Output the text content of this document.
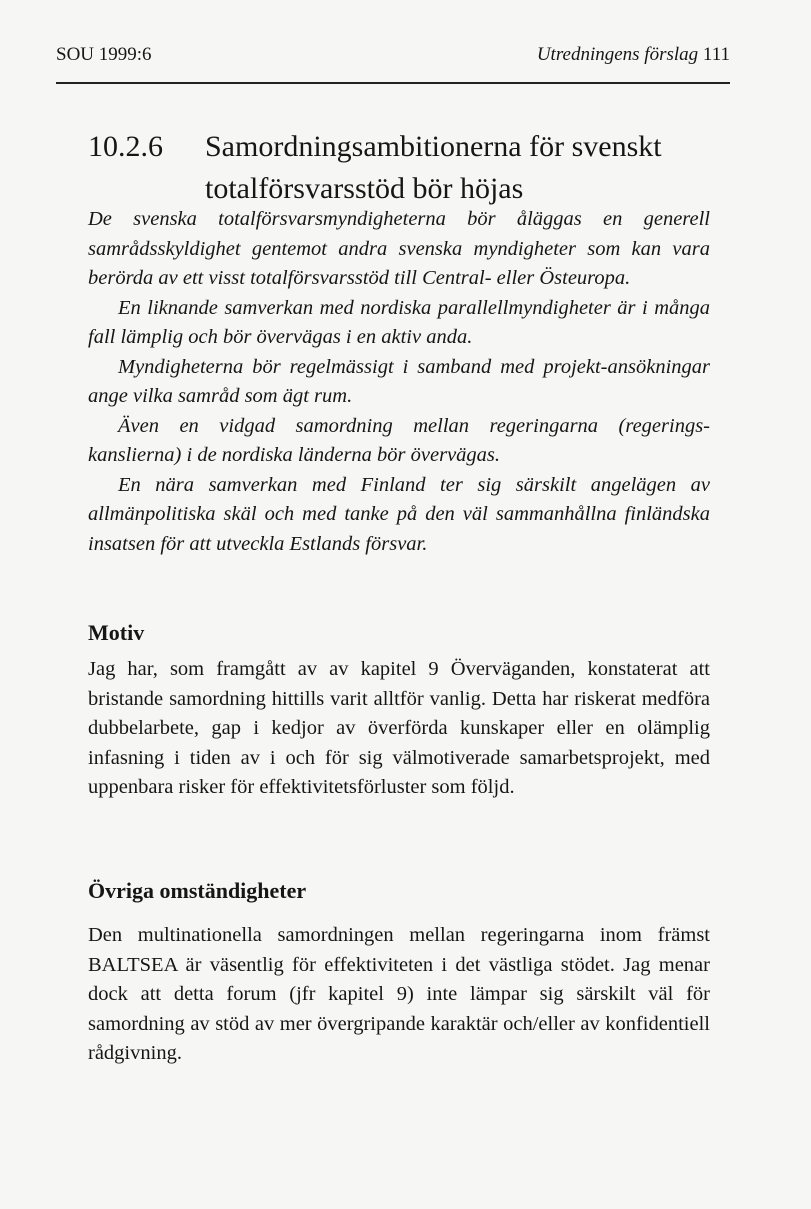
SOU 1999:6	Utredningens förslag 111
10.2.6 Samordningsambitionerna för svenskt totalförsvarsstöd bör höjas

De svenska totalförsvarsmyndigheterna bör åläggas en generell samrådsskyldighet gentemot andra svenska myndigheter som kan vara berörda av ett visst totalförsvarsstöd till Central- eller Östeuropa.

En liknande samverkan med nordiska parallellmyndigheter är i många fall lämplig och bör övervägas i en aktiv anda.

Myndigheterna bör regelmässigt i samband med projekt-ansökningar ange vilka samråd som ägt rum.

Även en vidgad samordning mellan regeringarna (regerings-kanslierna) i de nordiska länderna bör övervägas.

En nära samverkan med Finland ter sig särskilt angelägen av allmänpolitiska skäl och med tanke på den väl sammanhållna finländska insatsen för att utveckla Estlands försvar.

Motiv

Jag har, som framgått av av kapitel 9 Överväganden, konstaterat att bristande samordning hittills varit alltför vanlig. Detta har riskerat medföra dubbelarbete, gap i kedjor av överförda kunskaper eller en olämplig infasning i tiden av i och för sig välmotiverade samarbetsprojekt, med uppenbara risker för effektivitetsförluster som följd.

Övriga omständigheter

Den multinationella samordningen mellan regeringarna inom främst BALTSEA är väsentlig för effektiviteten i det västliga stödet. Jag menar dock att detta forum (jfr kapitel 9) inte lämpar sig särskilt väl för samordning av stöd av mer övergripande karaktär och/eller av konfidentiell rådgivning.
